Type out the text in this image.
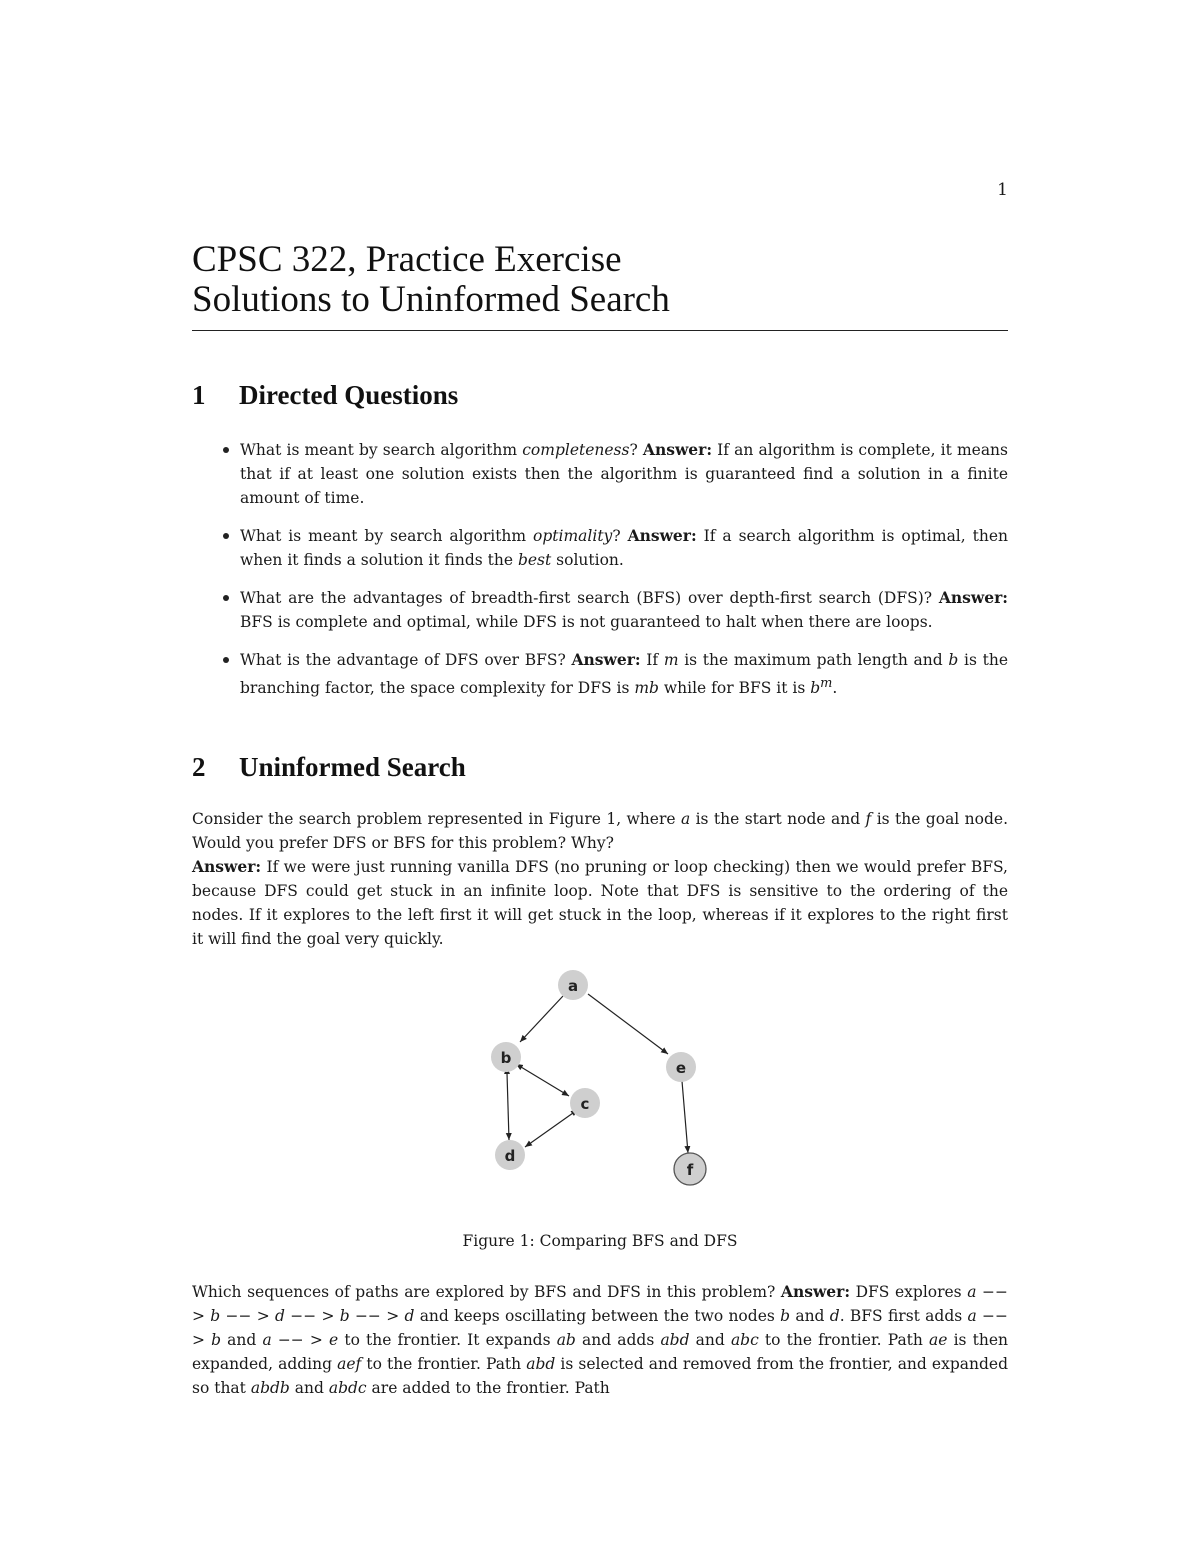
1
CPSC 322, Practice Exercise
Solutions to Uninformed Search
1 Directed Questions
What is meant by search algorithm completeness? Answer: If an algorithm is complete, it means that if at least one solution exists then the algorithm is guaranteed find a solution in a finite amount of time.
What is meant by search algorithm optimality? Answer: If a search algorithm is optimal, then when it finds a solution it finds the best solution.
What are the advantages of breadth-first search (BFS) over depth-first search (DFS)? Answer: BFS is complete and optimal, while DFS is not guaranteed to halt when there are loops.
What is the advantage of DFS over BFS? Answer: If m is the maximum path length and b is the branching factor, the space complexity for DFS is mb while for BFS it is $b^m$.
2 Uninformed Search

Consider the search problem represented in Figure 1, where a is the start node and f is the goal node. Would you prefer DFS or BFS for this problem? Why?
Answer: If we were just running vanilla DFS (no pruning or loop checking) then we would prefer BFS, because DFS could get stuck in an infinite loop. Note that DFS is sensitive to the ordering of the nodes. If it explores to the left first it will get stuck in the loop, whereas if it explores to the right first it will find the goal very quickly.

a
b
c
d
e
f
Figure 1: Comparing BFS and DFS

Which sequences of paths are explored by BFS and DFS in this problem? Answer: DFS explores a −− > b −− > d −− > b −− > d and keeps oscillating between the two nodes b and d. BFS first adds a −− > b and a −− > e to the frontier. It expands ab and adds abd and abc to the frontier. Path ae is then expanded, adding aef to the frontier. Path abd is selected and removed from the frontier, and expanded so that abdb and abdc are added to the frontier. Path
